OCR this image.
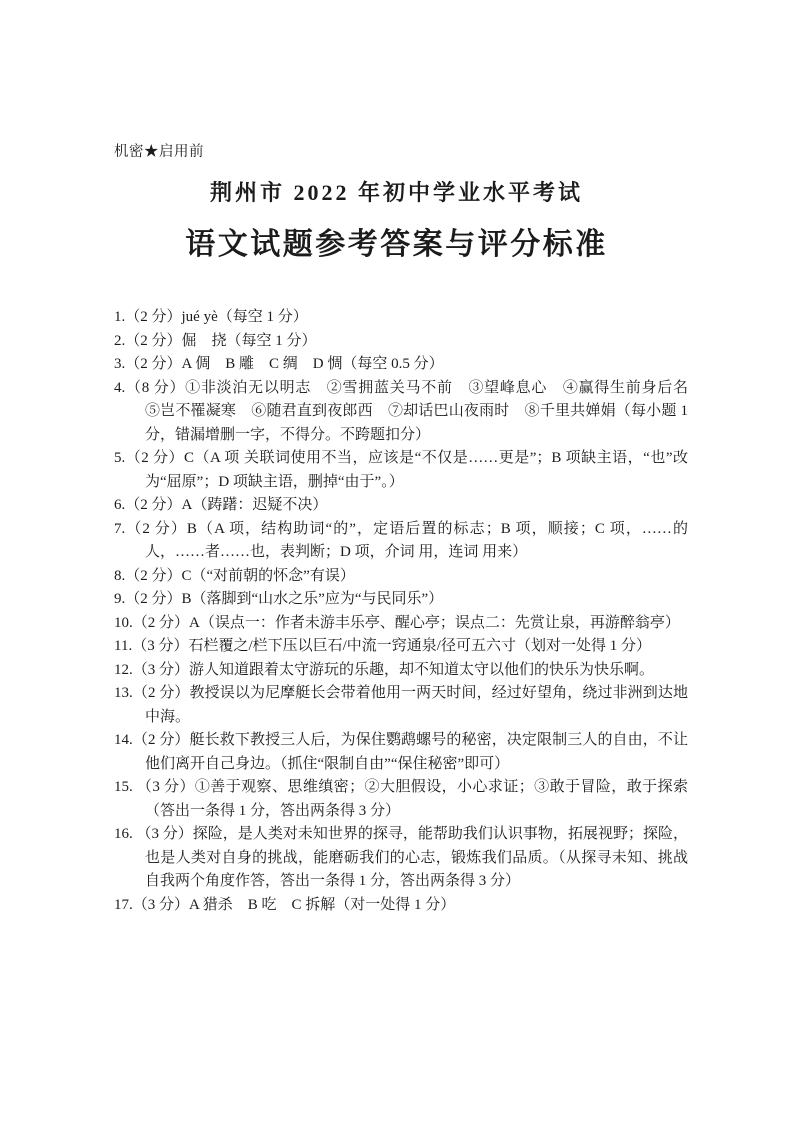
机密★启用前
荆州市 2022 年初中学业水平考试
语文试题参考答案与评分标准

1.（2 分）jué yè（每空 1 分）

2.（2 分）倔　挠（每空 1 分）

3.（2 分）A 倜　B 雕　C 绸　D 惆（每空 0.5 分）

4.（8 分）①非淡泊无以明志　②雪拥蓝关马不前　③望峰息心　④赢得生前身后名　⑤岂不罹凝寒　⑥随君直到夜郎西　⑦却话巴山夜雨时　⑧千里共婵娟（每小题 1 分，错漏增删一字，不得分。不跨题扣分）

5.（2 分）C（A 项 关联词使用不当，应该是“不仅是……更是”；B 项缺主语，“也”改为“屈原”；D 项缺主语，删掉“由于”。）

6.（2 分）A（踌躇：迟疑不决）

7.（2 分）B（A 项，结构助词“的”，定语后置的标志；B 项，顺接；C 项，……的人，……者……也，表判断；D 项，介词 用，连词 用来）

8.（2 分）C（“对前朝的怀念”有误）

9.（2 分）B（落脚到“山水之乐”应为“与民同乐”）

10.（2 分）A（误点一：作者未游丰乐亭、醒心亭；误点二：先赏让泉，再游醉翁亭）

11.（3 分）石栏覆之/栏下压以巨石/中流一窍通泉/径可五六寸（划对一处得 1 分）

12.（3 分）游人知道跟着太守游玩的乐趣，却不知道太守以他们的快乐为快乐啊。

13.（2 分）教授误以为尼摩艇长会带着他用一两天时间，经过好望角，绕过非洲到达地中海。

14.（2 分）艇长救下教授三人后，为保住鹦鹉螺号的秘密，决定限制三人的自由，不让他们离开自己身边。（抓住“限制自由”“保住秘密”即可）

15. （3 分）①善于观察、思维缜密；②大胆假设，小心求证；③敢于冒险，敢于探索（答出一条得 1 分，答出两条得 3 分）

16. （3 分）探险，是人类对未知世界的探寻，能帮助我们认识事物，拓展视野；探险，也是人类对自身的挑战，能磨砺我们的心志，锻炼我们品质。（从探寻未知、挑战自我两个角度作答，答出一条得 1 分，答出两条得 3 分）

17.（3 分）A 猎杀　B 吃　C 拆解（对一处得 1 分）
